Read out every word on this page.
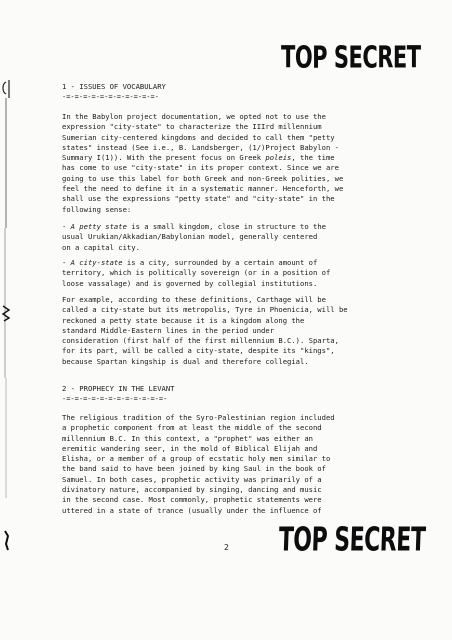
TOP SECRET
1 - ISSUES OF VOCABULARY
-=-=-=-=-=-=-=-=-=-=-=-
In the Babylon project documentation, we opted not to use the
expression "city-state" to characterize the IIIrd millennium
Sumerian city-centered kingdoms and decided to call them "petty
states" instead (See i.e., B. Landsberger, (1/)Project Babylon -
Summary I(1)). With the present focus on Greek poleis, the time
has come to use "city-state" in its proper context. Since we are
going to use this label for both Greek and non-Greek polities, we
feel the need to define it in a systematic manner. Henceforth, we
shall use the expressions "petty state" and "city-state" in the
following sense:
- A petty state is a small kingdom, close in structure to the
usual Urukian/Akkadian/Babylonian model, generally centered
on a capital city.
- A city-state is a city, surrounded by a certain amount of
territory, which is politically sovereign (or in a position of
loose vassalage) and is governed by collegial institutions.
For example, according to these definitions, Carthage will be
called a city-state but its metropolis, Tyre in Phoenicia, will be
reckoned a petty state because it is a kingdom along the
standard Middle-Eastern lines in the period under
consideration (first half of the first millennium B.C.). Sparta,
for its part, will be called a city-state, despite its "kings",
because Spartan kingship is dual and therefore collegial.
2 - PROPHECY IN THE LEVANT
-=-=-=-=-=-=-=-=-=-=-=-=-
The religious tradition of the Syro-Palestinian region included
a prophetic component from at least the middle of the second
millennium B.C. In this context, a "prophet" was either an
eremitic wandering seer, in the mold of Biblical Elijah and
Elisha, or a member of a group of ecstatic holy men similar to
the band said to have been joined by king Saul in the book of
Samuel. In both cases, prophetic activity was primarily of a
divinatory nature, accompanied by singing, dancing and music
in the second case. Most commonly, prophetic statements were
uttered in a state of trance (usually under the influence of
2 TOP SECRET
